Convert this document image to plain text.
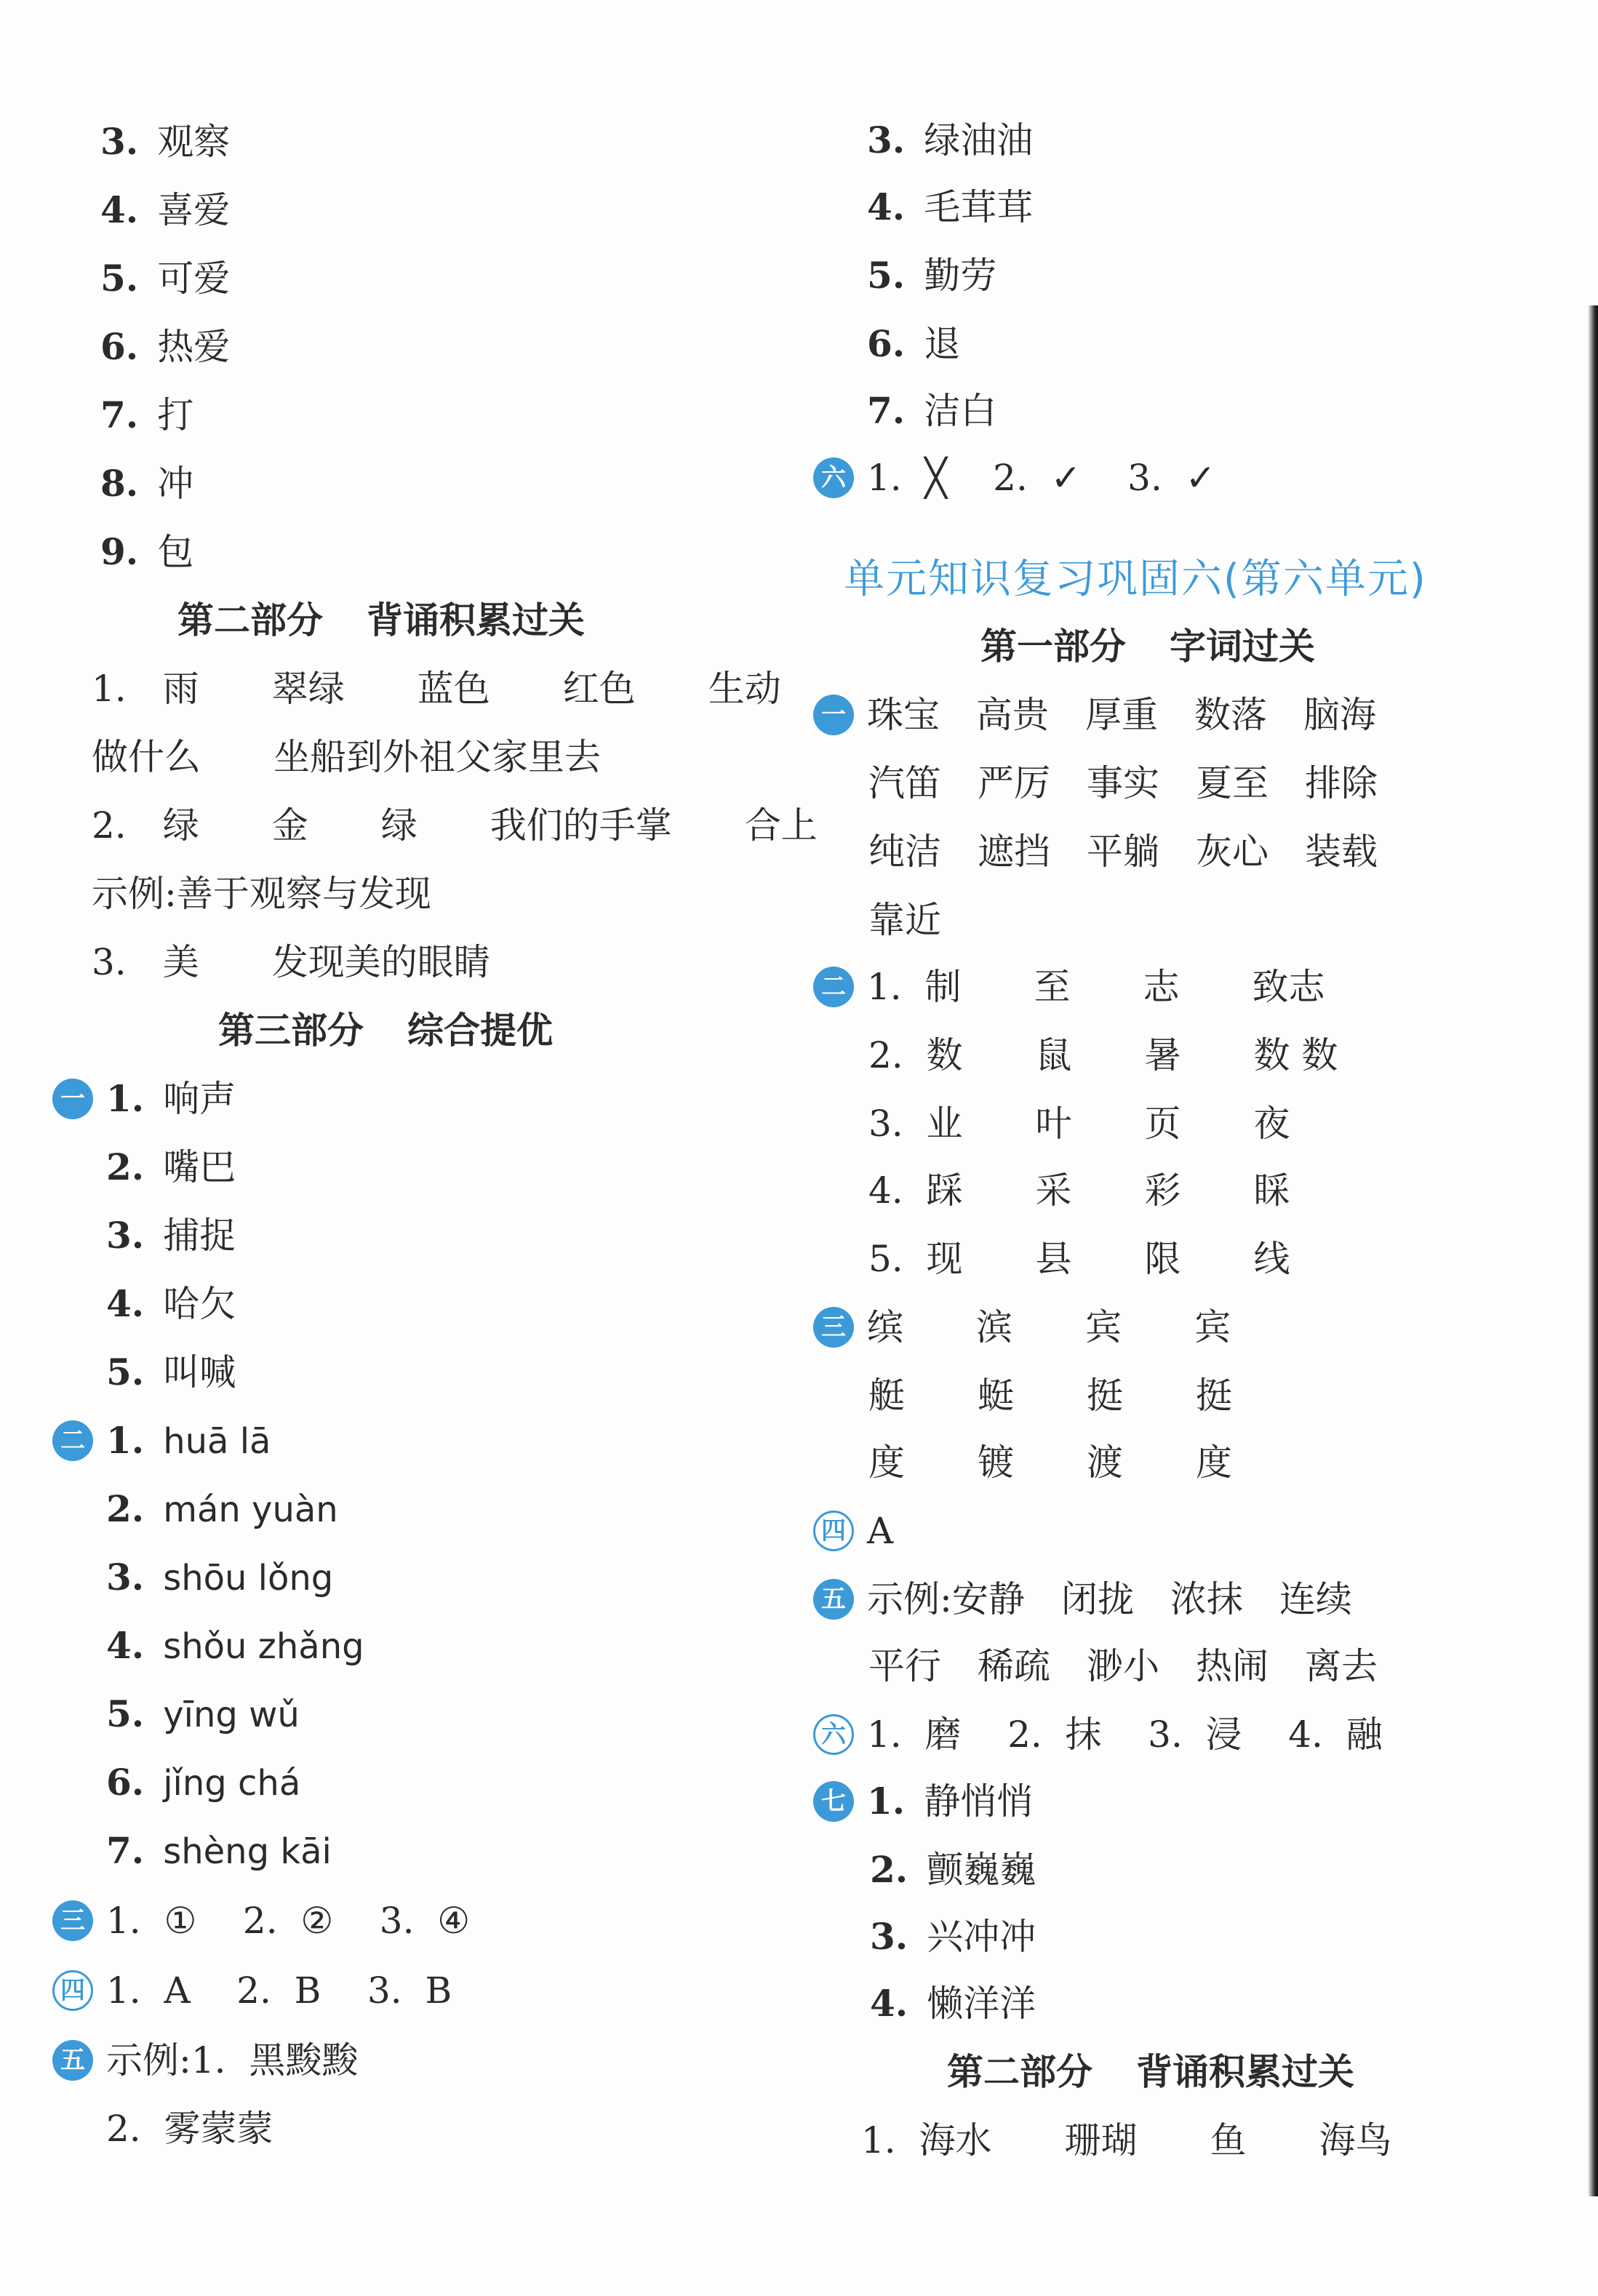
3. 观察
4. 喜爱
5. 可爱
6. 热爱
7. 打
8. 冲
9. 包
第二部分 背诵积累过关
1.　雨　　翠绿　　蓝色　　红色　　生动
做什么　　坐船到外祖父家里去
2.　绿　　金　　绿　　我们的手掌　　合上
示例:善于观察与发现
3.　美　　发现美的眼睛
第三部分 综合提优
一 1. 响声
2. 嘴巴
3. 捕捉
4. 哈欠
5. 叫喊
二 1. huā lā
2. mán yuàn
3. shōu lǒng
4. shǒu zhǎng
5. yīng wǔ
6. jǐng chá
7. shèng kāi
三 1.  ①    2.  ②    3.  ④
四 1.  A    2.  B    3.  B
五 示例:1.  黑黢黢
2.  雾蒙蒙
3. 绿油油
4. 毛茸茸
5. 勤劳
6. 退
7. 洁白
六 1.  ╳    2.  ✓    3.  ✓
单元知识复习巩固六(第六单元)
第一部分 字词过关
一 珠宝　高贵　厚重　数落　脑海
汽笛　严厉　事实　夏至　排除
纯洁　遮挡　平躺　灰心　装载
靠近
二 1.  制　　至　　志　　致志
2.  数　　鼠　　暑　　数 数
3.  业　　叶　　页　　夜
4.  踩　　采　　彩　　睬
5.  现　　县　　限　　线
三 缤　　滨　　宾　　宾
艇　　蜓　　挺　　挺
度　　镀　　渡　　度
四 A
五 示例:安静　闭拢　浓抹　连续
平行　稀疏　渺小　热闹　离去
六 1.  磨    2.  抹    3.  浸    4.  融
七 1. 静悄悄
2. 颤巍巍
3. 兴冲冲
4. 懒洋洋
第二部分 背诵积累过关
1.  海水　　珊瑚　　鱼　　海鸟
